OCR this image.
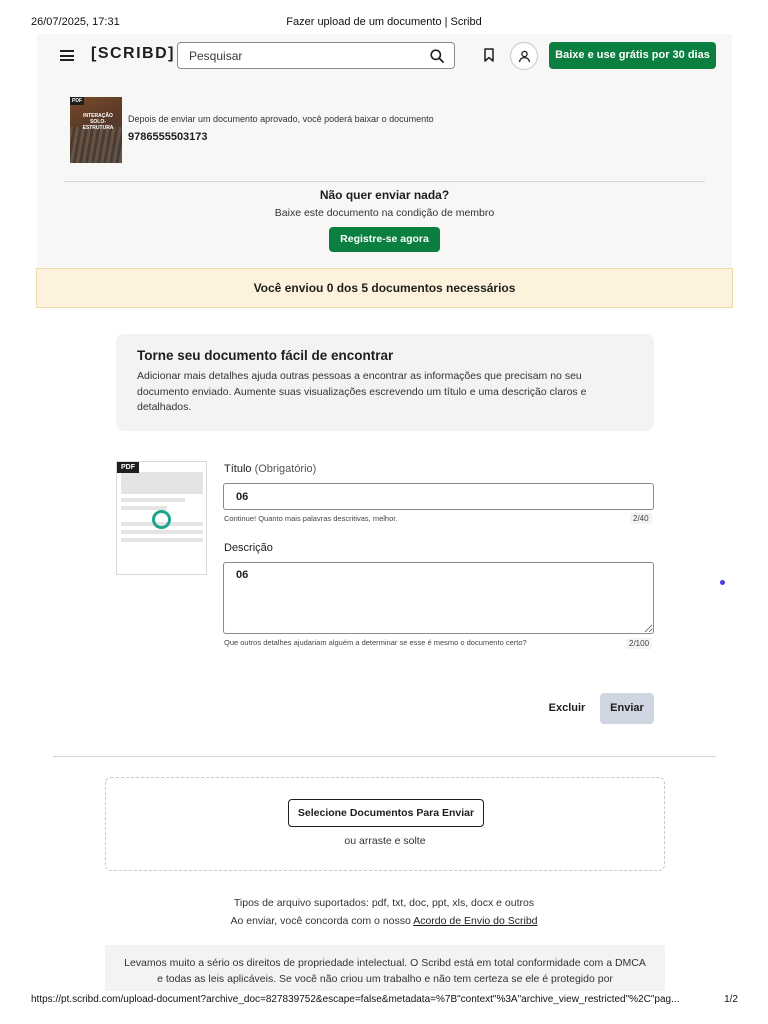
26/07/2025, 17:31	Fazer upload de um documento | Scribd
[SCRIBD]
Pesquisar	Baixe e use grátis por 30 dias
PDF
INTERAÇÃO SOLO-ESTRUTURA
Depois de enviar um documento aprovado, você poderá baixar o documento
9786555503173
Não quer enviar nada?
Baixe este documento na condição de membro
Registre-se agora
Você enviou 0 dos 5 documentos necessários
Torne seu documento fácil de encontrar

Adicionar mais detalhes ajuda outras pessoas a encontrar as informações que precisam no seu documento enviado. Aumente suas visualizações escrevendo um título e uma descrição claros e detalhados.

PDF	Título (Obrigatório)
06
Continue! Quanto mais palavras descritivas, melhor.	2/40
Descrição
06
Que outros detalhes ajudariam alguém a determinar se esse é mesmo o documento certo?	2/100
Excluir	Enviar
Selecione Documentos Para Enviar
ou arraste e solte
Tipos de arquivo suportados: pdf, txt, doc, ppt, xls, docx e outros
Ao enviar, você concorda com o nosso Acordo de Envio do Scribd

Levamos muito a sério os direitos de propriedade intelectual. O Scribd está em total conformidade com a DMCA e todas as leis aplicáveis. Se você não criou um trabalho e não tem certeza se ele é protegido por

https://pt.scribd.com/upload-document?archive_doc=827839752&escape=false&metadata=%7B"context"%3A"archive_view_restricted"%2C"pag...	1/2
